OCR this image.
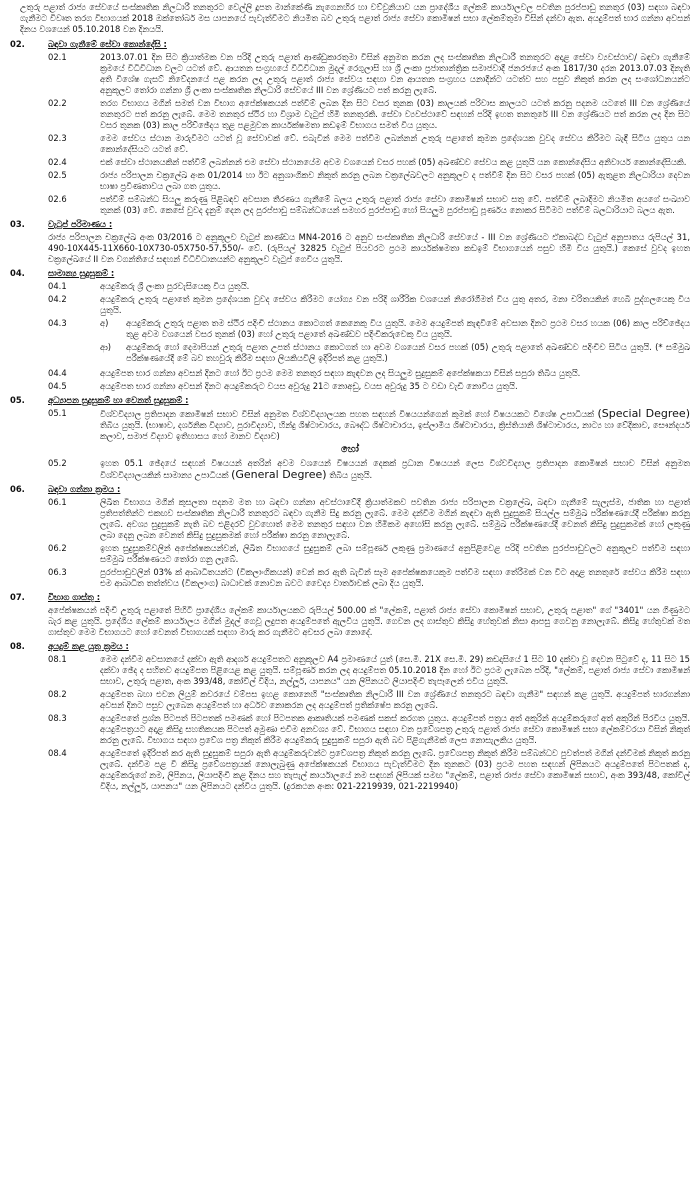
උතුරු පළාත් රාජ්‍ය සේවයේ සංස්කෘතික නිලධාරී තනතුරට වෙල්ලි දූපත මාන්කේණි නැගෙනහිර හා වව්වුනියාව යන ප්‍රාදේශීය ලේකම් කාර්යාලවල පවතින පුරප්පාඩු තනතුර (03) සඳහා බඳවා ගැනීමට විවෘත තරග විභාගයක් 2018 ඔක්තෝබර් මස යාපනයේ පැවැත්වීමට නියමිත බව උතුරු පළාත් රාජ්‍ය සේවා කොමිෂන් සභා ලේකම්තුමා විසින් දන්වා ඇත. අයදුම්පත් භාර ගන්නා අවසන් දිනය වශයෙන් 05.10.2018 වන දිනයයි.
02.	බඳවා ගැනීමේ සේවා කොන්දේසි :
02.1	2013.07.01 දින සිට ක්‍රියාත්මක වන පරිදි උතුරු පළාත් ආණ්ඩුකාරතුමා විසින් අනුමත කරන ලද සංස්කෘතික නිලධාරී තනතුරට අදාළ සේවා ව්‍යවස්ථාව/ බඳවා ගැනීමේ ක්‍රමයේ විධිවිධාන වලට යටත් වේ. ආයතන සංග්‍රහයේ විධිවිධාන මුදල් රෙගුලාසි හා ශ්‍රී ලංකා ප්‍රජාතාන්ත්‍රික සමාජවාදී ජනරජයේ අංක 1817/30 දරන 2013.07.03 දිනැති අති විශේෂ ගැසට් නිවේදනයේ පළ කරන ලද උතුරු පළාත් රාජ්‍ය සේවය සඳහා වන ආයතන සංග්‍රහය යනාදීන්ට යටත්ව සහ පසුව නිකුත් කරන ලද සංශෝධනයන්ට අනුකූලව තෝරා ගන්නා ශ්‍රී ලංකා සංස්කෘතික නිලධාරි සේවයේ III වන ශ්‍රේණියට පත් කරනු ලැබේ.
02.2	තරග විභාගය මගින් සමත් වන විභාග අපේක්ෂකයන් පත්වීම් ලබන දින සිට වසර තුනක (03) කාලයක් පරිවාස කාලයට යටත් කරනු පදනම යටතේ III වන ශ්‍රේණියේ තනතුරට පත් කරනු ලැබේ. මෙම තනතුර ස්ථිර හා විශ්‍රාම වැටුප් හිමි තනතුරකි. සේවා ව්‍යවස්ථාවේ සඳහන් පරිදි ඉහත තනතුරේ III වන ශ්‍රේණියට පත් කරන ලද දින සිට වසර තුනක (03) කාල පරිච්ඡේදය තුළ පළමුවන කාර්යක්ෂමතා කඩඉම් විභාගය සමත් විය යුතුය.
02.3	මෙම සේවය ස්ථාන මාරුවීමට යටත් වූ සේවාවක් වේ. එබැවින් මෙම පත්වීම ලබන්නන් උතුරු පළාතේ කුමන ප්‍රදේශයක වුවද සේවය කිරීමට බැඳී සිටිය යුතුය යන කොන්දේසියට යටත් වේ.
02.4	එක් සේවා ස්ථානයකින් පත්වීම් ලබන්නන් එම සේවා ස්ථානයේම අවම වශයෙන් වසර පහක් (05) අඛණ්ඩව සේවය කළ යුතුයි යන කොන්දේසිය අනිවාර්ය කොන්දේසියකි.
02.5	රාජ්‍ය පරිපාලන චක්‍රලේඛ අංක 01/2014 හා ඊට අනුශාංගිකව නිකුත් කරනු ලබන චක්‍රලේඛවලට අනුකූලව ද පත්වීම් දින සිට වසර පහක් (05) ඇතුළත නිලධාරියා දෙවන භාෂා ප්‍රවීණතාවය ලබා ගත යුතුය.
02.6	පත්වීම් සම්බන්ධ සියලු කරුණු පිළිබඳව අවසාන තීරණය ගැනීමේ බලය උතුරු පළාත් රාජ්‍ය සේවා කොමිෂන් සභාව සතු වේ. පත්වීම් ලබාදීමට නියමිත අයගේ සංඛ්‍යාව තුනක් (03) වේ. කෙසේ වුවද දැනුම් දෙන ලද පුරප්පාඩු සම්බන්ධයෙන් සමහර පුරප්පාඩු හෝ සියලුම පුරප්පාඩු පූර්ණය නොකර සිටීමට පත්වීම් බලධාරියාට බලය ඇත.
03.	වැටුප් පරිමාණය :
රාජ්‍ය පරිපාලන චක්‍රලේඛ අංක 03/2016 ට අනුකූලව වැටුප් කාණ්ඩය MN4-2016 ට අනුව සංස්කෘතික නිලධාරි සේවයේ - III වන ශ්‍රේණියට ඒකාබද්ධ වැටුප් අනුපාතය රුපියල් 31, 490-10X445-11X660-10X730-05X750-57,550/- වේ. (රුපියල් 32825 වැටුප් පියවරට ප්‍රථම කාර්යක්ෂමතා කඩඉම් විභාගයෙන් පසුව හිමි විය යුතුයි.) කෙසේ වුවද ඉහත චක්‍රලේඛයේ II වන වගන්තියේ සඳහන් විධිවිධානයන්ට අනුකූලව වැටුප් ගෙවිය යුතුයි.
04.	සාමාන්‍ය සුදුසුකම් :
04.1	අයදුම්කරු ශ්‍රී ලංකා පුරවැසියෙකු විය යුතුයි.
04.2	අයදුම්කරු උතුරු පළාතේ කුමන ප්‍රදේශයක වුවද සේවය කිරීමට යෝග්‍ය වන පරිදි ශාරීරික වශයෙන් නිරෝගීමත් විය යුතු අතර, මනා චරිතයකින් හෙබි පුද්ගලයෙකු විය යුතුයි.
04.3	අ)	අයදුම්කරු උතුරු පළාත තම ස්ථිර පදිංචි ස්ථානය කොටගත් කෙනෙකු විය යුතුයි. මෙම අයදුම්පත් කැඳවීමේ අවසාන දිනට ප්‍රථම වසර හයක (06) කාල පරිච්ඡේදය තුළ අවම වශයෙන් වසර තුනක් (03) හෝ උතුරු පළාතේ අඛණ්ඩව පදිංචිකරුවෙකු විය යුතුයි.
ආ)	අයදුම්කරු හෝ දෙමාපියන් උතුරු පළාත උපත් ස්ථානය කොටගත් හා අවම වශයෙන් වසර පහක් (05) උතුරු පළාතේ අඛණ්ඩව පදිංචිව සිටිය යුතුයි. (* සම්මුඛ පරීක්ෂණයේදී මේ බව තහවුරු කිරීම සඳහා ලියකියවිලි ඉදිරිපත් කළ යුතුයි.)
04.4	අයදුම්පත භාර ගන්නා අවසන් දිනට හෝ ඊට ප්‍රථම මෙම තනතුර සඳහා කැඳවන ලද සියලුම සුදුසුකම් අපේක්ෂකයා විසින් සපුරා තිබිය යුතුයි.
04.5	අයදුම්පත භාර ගන්නා අවසන් දිනට අයදුම්කරුට වයස අවුරුදු 21ට නොඅඩු, වයස අවුරුදු 35 ට වඩා වැඩි නොවිය යුතුයි.
05.	අධ්‍යාපන සුදුසුකම් හා වෙනත් සුදුසුකම් :
05.1	විශ්වවිද්‍යාල ප්‍රතිපාදන කොමිෂන් සභාව විසින් අනුමත විශ්වවිද්‍යාලයක පහත සඳහන් විෂයයන්ගෙන් කුමක් හෝ විෂයයකට විශේෂ උපාධියක් (Special Degree) තිබිය යුතුයි. (භාෂාව, දර්ශනික විද්‍යාව, පුරාවිද්‍යාව, හින්දු ශිෂ්ටාචාරය, බෞද්ධ ශිෂ්ටාචාරය, ඉස්ලාමීය ශිෂ්ටාචාරය, ක්‍රිස්තියානි ශිෂ්ටාචාරය, නාට්‍ය හා වේදිකාව, සෞන්දර්ය කලාව, සමාජ විද්‍යාව ඉතිහාසය හෝ මානව විද්‍යාව)
හෝ
05.2	ඉහත 05.1 ඡේදයේ සඳහන් විෂයයන් අතරින් අවම වශයෙන් විෂයයන් දෙකක් ප්‍රධාන විෂයයන් ලෙස විශ්වවිද්‍යාල ප්‍රතිපාදන කොමිෂන් සභාව විසින් අනුමත විශ්වවිද්‍යාලයකින් සාමාන්‍ය උපාධියක් (General Degree) තිබිය යුතුයි.
06.	බඳවා ගන්නා ක්‍රමය :
06.1	ලිඛිත විභාගය මගින් කුසලතා පදනම මත හා බඳවා ගන්නා අවස්ථාවේදී ක්‍රියාත්මකව පවතින රාජ්‍ය පරිපාලන චක්‍රලේඛ, බඳවා ගැනීමේ සැලැස්ම, ජාතික හා පළාත් ප්‍රතිපත්තින්ට එකඟව සංස්කෘතික නිලධාරී තනතුරට බඳවා ගැනීම සිදු කරනු ලැබේ. මෙම දන්වීම මගින් කැඳවා ඇති සුදුසුකම් සියල්ල සම්මුඛ පරීක්ෂණයේදී පරීක්ෂා කරනු ලැබේ. අවශ්‍ය සුදුසුකම් නැති බව එළිදරව් වුවහොත් මෙම තනතුර සඳහා වන හිමිකම අහෝසි කරනු ලැබේ. සම්මුඛ පරීක්ෂණයේදී වෙනත් කිසිදු සුදුසුකමක් හෝ ලකුණු ලබා දෙනු ලබන වෙනත් කිසිදු සුදුසුකමක් හෝ පරීක්ෂා කරනු නොලැබේ.
06.2	ඉහත සුදුසුකම්වලින් අපේක්ෂකයන්වන්, ලිඛිත විභාගයේ සුදුසුකම් ලබා සම්පූර්ණ ලකුණු ප්‍රමාණයේ අනුපිළිවෙළ පරිදි පවතින පුරප්පාඩුවලට අනුකූලව පත්වීම සඳහා සම්මුඛ පරීක්ෂණයට තෝරා ගනු ලැබේ.
06.3	පුරප්පාඩුවලින් 03% ක් ආබාධිතයන්ට (විකලාංගිකයන්) වෙන් කර ඇති බැවින් සෑම අපේක්ෂකයෙකුම පත්වීම සඳහා තේරීමක් වන විට අදාළ තනතුරේ සේවය කිරීම සඳහා එම ආබාධිත තත්ත්වය (විකලාංග) බාධාවක් නොවන බවට වෛද්‍ය වාර්තාවක් ලබා දිය යුතුයි.
07.	විභාග ගාස්තු :
අපේක්ෂකයන් පදිංචි උතුරු පළාතේ පිහිටි ප්‍රාදේශීය ලේකම් කාර්යාලයකට රුපියල් 500.00 ක් "ලේකම්, පළාත් රාජ්‍ය සේවා කොමිෂන් සභාව, උතුරු පළාත" ගේ "3401" යන ගිණුමට බැර කළ යුතුයි. ප්‍රදේශීය ලේකම් කාර්යාලය මගින් මුදල් ගෙවූ ලදුපත අයදුම්පතේ ඇලවිය යුතුයි. ගෙවන ලද ගාස්තුව කිසිදු හේතුවක් නිසා ආපසු ගෙවනු නොලැබේ. කිසිදු හේතුවක් මත ගාස්තුව මෙම විභාගයට හෝ වෙනත් විභාගයක් සඳහා මාරු කර ගැනීමට අවසර ලබා නොදේ.
08.	අයදුම් කළ යුතු ක්‍රමය :
08.1	මෙම දන්වීම අවසානයේ දක්වා ඇති ආදර්ශ අයදුම්පතට අනුකූලව A4 ප්‍රමාණයේ යුත් (සෙ.මී. 21X සෙ.මී. 29) කඩදාසියේ 1 සිට 10 දක්වා වූ දෙවන පිටුවේ ද, 11 සිට 15 දක්වා ඡේද ද සහිතව අයදුම්පත පිළියෙළ කළ යුතුයි. සම්පූර්ණ කරන ලද අයදුම්පත 05.10.2018 දින හෝ ඊට ප්‍රථම ලැබෙන පරිදි, "ලේකම්, පළාත් රාජ්‍ය සේවා කොමිෂන් සභාව, උතුරු පළාත, අංක 393/48, කෝවිල් විදිය, නල්ලූර්, යාපනය" යන ලිපිනයට ලියාපදිංචි තැපෑලෙන් එවිය යුතුයි.
08.2	අයදුම්පත බහා එවන ලියුම් කවරයේ වම්පස ඉහළ කොනෙහි "සංස්කෘතික නිලධාරී III වන ශ්‍රේණියේ තනතුරට බඳවා ගැනීම" සඳහන් කළ යුතුයි. අයදුම්පත් භාරගන්නා අවසන් දිනට පසුව ලැබෙන අයදුම්පත් හා අර්ධව නොකරන ලද අයදුම්පත් ප්‍රතික්ෂේප කරනු ලැබේ.
08.3	අයදුම්පතේ ප්‍රශ්න පිටපත් පිටපතක් පමණක් හෝ පිටපතක ආකෘතියක් පමණක් සකස් කරගත යුතුය. අයදුම්පත් පත්‍රය අත් අකුරින් අයදුම්කරුගේ අත් අකුරින් පිරවිය යුතුයි. අයදුම්පත්‍රයට අදාළ කිසිදු සහතිකයක පිටපත් අමුණා එවීම අනවශ්‍ය වේ. විභාගය සඳහා වන ප්‍රවේශපත්‍ර උතුරු පළාත් රාජ්‍ය සේවා කොමිෂන් සභා ලේකම්වරයා විසින් නිකුත් කරනු ලැබේ. විභාගය සඳහා ප්‍රවේශ පත්‍ර නිකුත් කිරීම අයදුම්කරු සුදුසුකම් සපුරා ඇති බව පිළිගැනීමක් ලෙස නොසැලකිය යුතුයි.
08.4	අයදුම්පතේ ඉදිරිපත් කර ඇති සුදුසුකම් සපුරා ඇති අයදුම්කරුවන්ට ප්‍රවේශපත්‍ර නිකුත් කරනු ලැබේ. ප්‍රවේශපත්‍ර නිකුත් කිරීම සම්බන්ධව පුවත්පත් මගින් දන්වීමක් නිකුත් කරනු ලැබේ. දන්වීම පළ වී කිසිදු ප්‍රවේශපත්‍රයක් නොලැබුණු අපේක්ෂකයන් විභාගය පැවැත්වීමට දින තුනකට (03) ප්‍රථම පහත සඳහන් ලිපිනයට අයදුම්පතේ පිටපතක් ද, අයදුම්කරුගේ නම, ලිපිනය, ලියාපදිංචි කළ දිනය සහ තැපැල් කාර්යාලයේ නම සඳහන් ලිපියක් සමඟ "ලේකම්, පළාත් රාජ්‍ය සේවා කොමිෂන් සභාව, අංක 393/48, කෝවිල් විදිය, නල්ලූර්, යාපනය" යන ලිපිනයට දන්විය යුතුයි. (දුරකථන අංක: 021-2219939, 021-2219940)
